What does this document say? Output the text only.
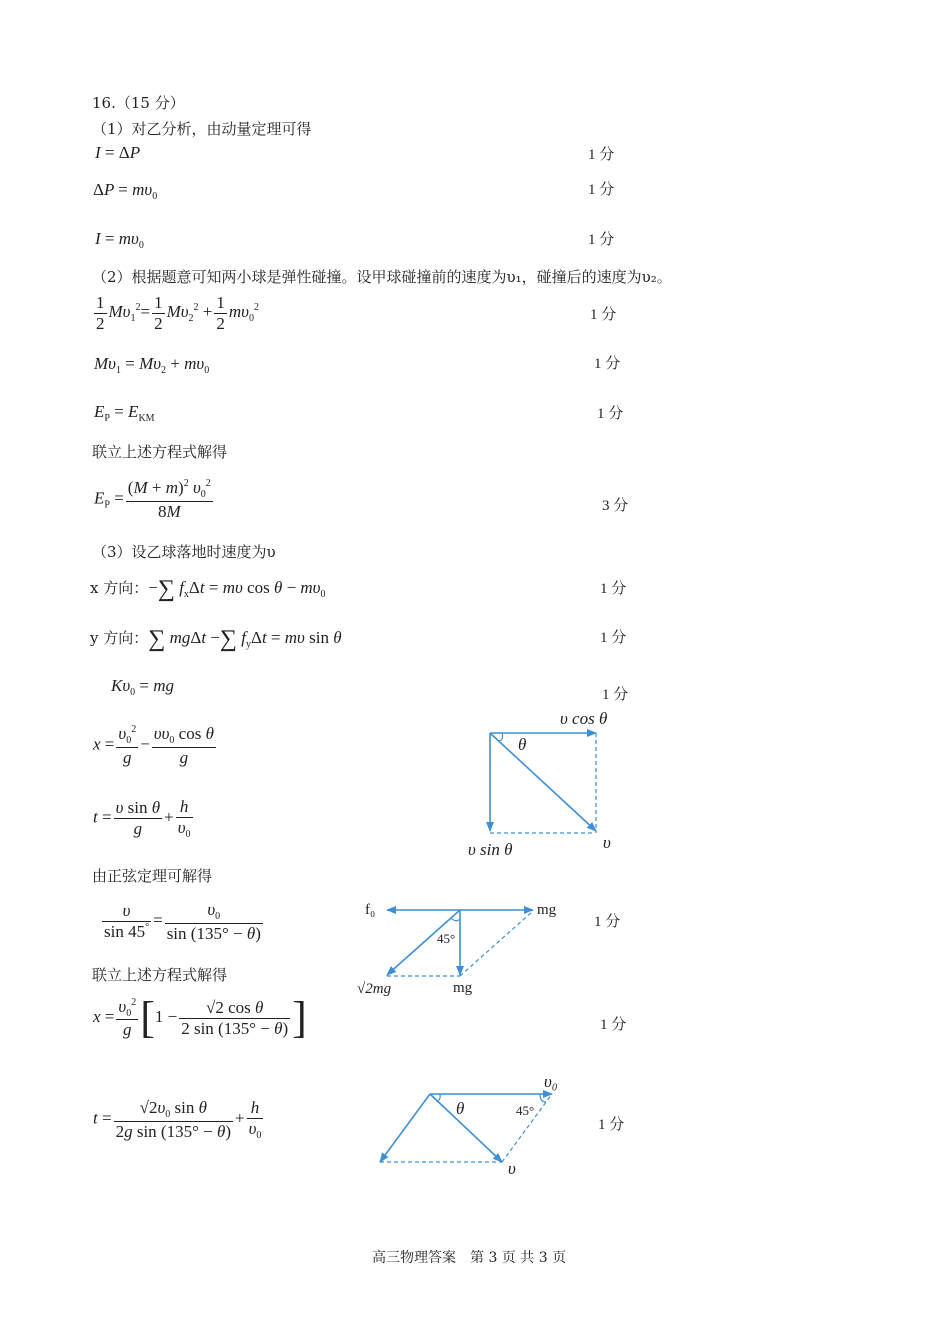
16.（15 分）
（1）对乙分析，由动量定理可得
I = ΔP	1 分
$\Delta P = m\upsilon_0$	1 分
$I = m\upsilon_0$	1 分
（2）根据题意可知两小球是弹性碰撞。设甲球碰撞前的速度为υ₁，碰撞后的速度为υ₂。
$\frac{1}{2} M\upsilon_1^2= \frac{1}{2} M\upsilon_2^2 + \frac{1}{2} m\upsilon_0^2$	1 分
$M\upsilon_1 = M\upsilon_2 + m\upsilon_0$	1 分
$E_P = E_{KM}$	1 分
联立上述方程式解得
$E_P = \frac{(M + m)^2 \upsilon_0^2}{8M}$	3 分
（3）设乙球落地时速度为υ
x 方向：−∑ $f_x\Delta t = m\upsilon$ $\cos \theta - m\upsilon_0$	1 分
y 方向：∑ mgΔt −∑ $f_y\Delta t = m\upsilon$ sin θ	1 分
$K\upsilon_0$ = mg	1 分
$x = \frac{\upsilon_0^2}{g} - \frac{\upsilon\upsilon_0 \cos \theta}{g}$
$t = \frac{\text{υ sin θ}}{g} + \frac{h}{\upsilon_0}$
由正弦定理可解得
$\frac{\upsilon}{\sin 45^\circ} = \frac{\upsilon_0}{\sin (135^\circ - \theta)}$	1 分
联立上述方程式解得
$x = \frac{\upsilon_0^2}{g} [1 - \frac{\text{√2 cos θ}}{2 \sin (135^\circ - \theta)}$ ]	1 分
$t = \frac{√2\upsilon_0 \sin \theta}{\text{2g sin (135° − θ)}} + \frac{h}{\upsilon_0}$	1 分
θ
υ cos θ
υ sin θ	υ
f₀	mg
45°
√2mg	mg
θ	45°
υ₀
υ
高三物理答案　第 3 页 共 3 页
